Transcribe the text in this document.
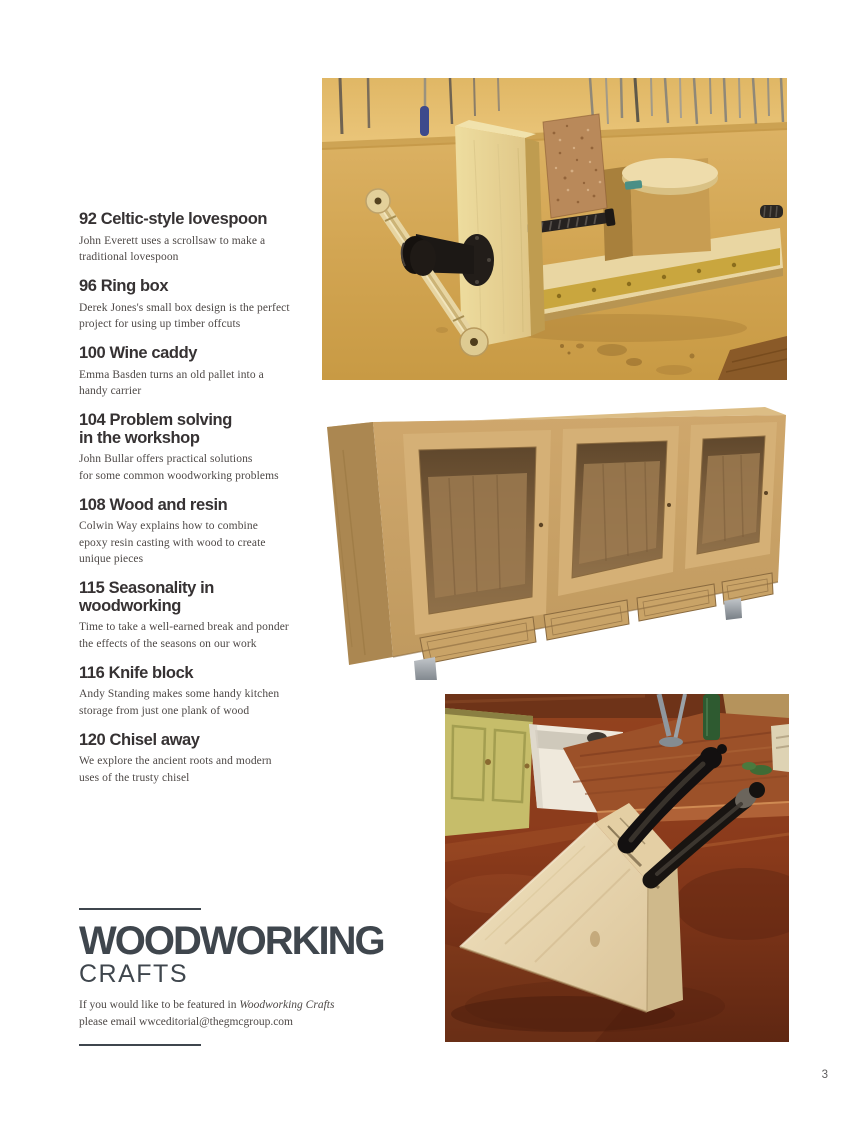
92 Celtic-style lovespoon
John Everett uses a scrollsaw to make a
traditional lovespoon
96 Ring box
Derek Jones's small box design is the perfect
project for using up timber offcuts
100 Wine caddy
Emma Basden turns an old pallet into a
handy carrier
104 Problem solving
in the workshop
John Bullar offers practical solutions
for some common woodworking problems
108 Wood and resin
Colwin Way explains how to combine
epoxy resin casting with wood to create
unique pieces
115 Seasonality in
woodworking
Time to take a well-earned break and ponder
the effects of the seasons on our work
116 Knife block
Andy Standing makes some handy kitchen
storage from just one plank of wood
120 Chisel away
We explore the ancient roots and modern
uses of the trusty chisel
WOODWORKING
CRAFTS

If you would like to be featured in Woodworking Crafts
please email wwceditorial@thegmcgroup.com

3
